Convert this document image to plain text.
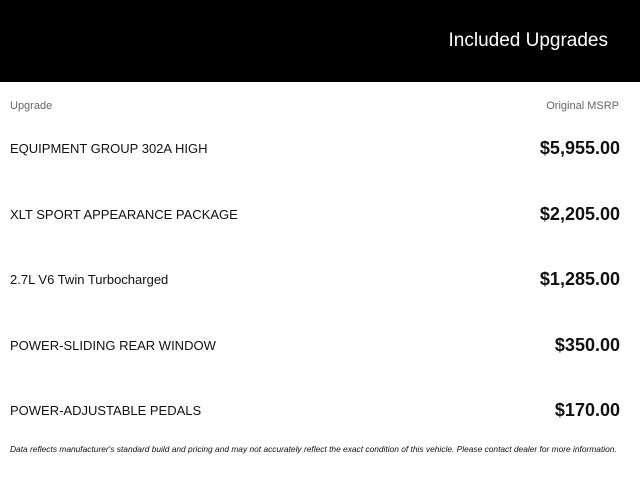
Included Upgrades
Upgrade	Original MSRP
EQUIPMENT GROUP 302A HIGH	$5,955.00
XLT SPORT APPEARANCE PACKAGE	$2,205.00
2.7L V6 Twin Turbocharged	$1,285.00
POWER-SLIDING REAR WINDOW	$350.00
POWER-ADJUSTABLE PEDALS	$170.00
Data reflects manufacturer's standard build and pricing and may not accurately reflect the exact condition of this vehicle. Please contact dealer for more information.
